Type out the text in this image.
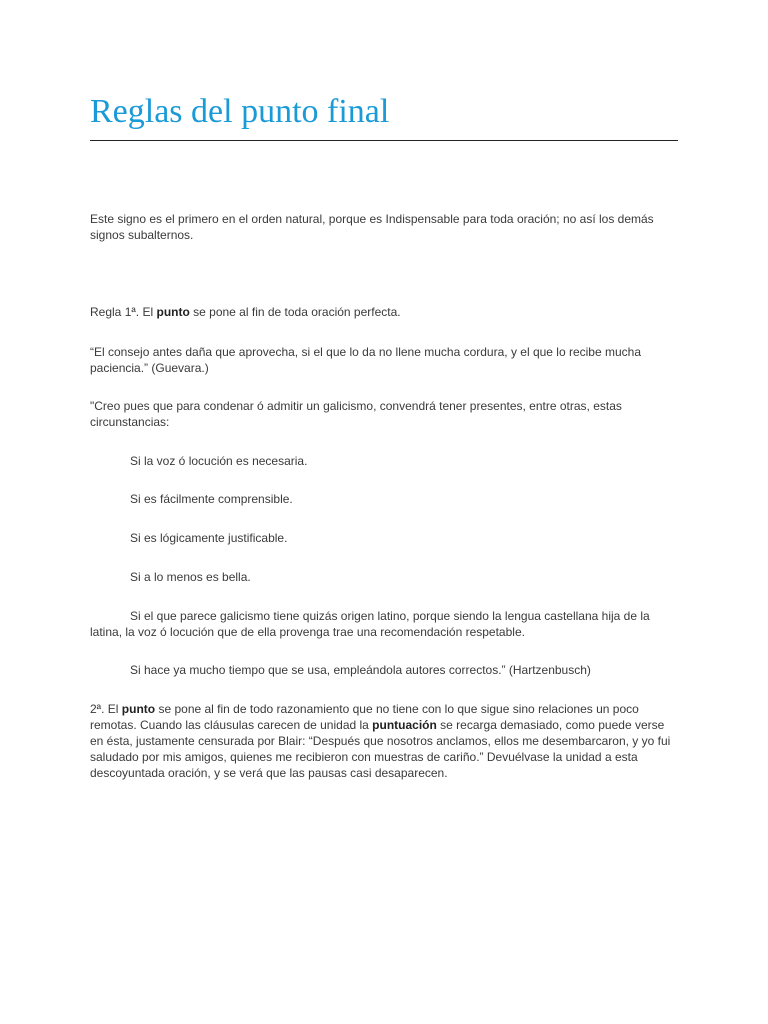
Reglas del punto final

Este signo es el primero en el orden natural, porque es Indispensable para toda oración; no así los demás signos subalternos.

Regla 1ª. El punto se pone al fin de toda oración perfecta.

“El consejo antes daña que aprovecha, si el que lo da no llene mucha cordura, y el que lo recibe mucha paciencia.” (Guevara.)

"Creo pues que para condenar ó admitir un galicismo, convendrá tener presentes, entre otras, estas circunstancias:

Si la voz ó locución es necesaria.

Si es fácilmente comprensible.

Si es lógicamente justificable.

Si a lo menos es bella.

Si el que parece galicismo tiene quizás origen latino, porque siendo la lengua castellana hija de la latina, la voz ó locución que de ella provenga trae una recomendación respetable.

Si hace ya mucho tiempo que se usa, empleándola autores correctos.” (Hartzenbusch)

2ª. El punto se pone al fin de todo razonamiento que no tiene con lo que sigue sino relaciones un poco remotas. Cuando las cláusulas carecen de unidad la puntuación se recarga demasiado, como puede verse en ésta, justamente censurada por Blair: “Después que nosotros anclamos, ellos me desembarcaron, y yo fui saludado por mis amigos, quienes me recibieron con muestras de cariño.” Devuélvase la unidad a esta descoyuntada oración, y se verá que las pausas casi desaparecen.
